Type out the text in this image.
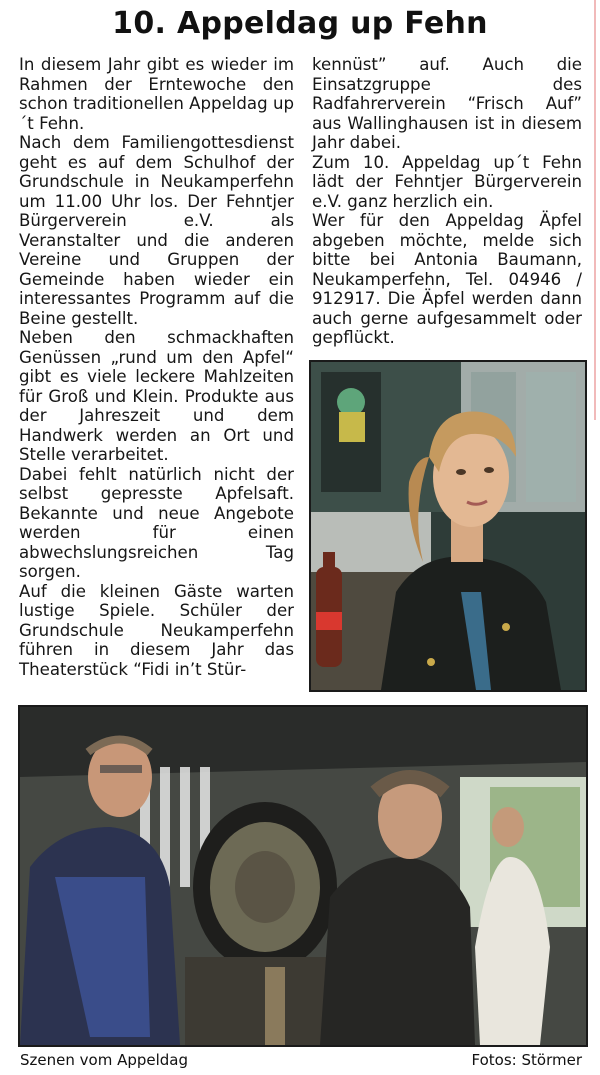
10. Appeldag up Fehn

In diesem Jahr gibt es wieder im Rahmen der Erntewoche den schon traditionellen Appeldag up´t Fehn.

Nach dem Familiengottesdienst geht es auf dem Schulhof der Grundschule in Neukamperfehn um 11.00 Uhr los. Der Fehntjer Bürgerverein e.V. als Veranstalter und die anderen Vereine und Gruppen der Gemeinde haben wieder ein interessantes Programm auf die Beine gestellt.

Neben den schmackhaften Genüssen „rund um den Apfel“ gibt es viele leckere Mahlzeiten für Groß und Klein. Produkte aus der Jahreszeit und dem Handwerk werden an Ort und Stelle verarbeitet.

Dabei fehlt natürlich nicht der selbst gepresste Apfelsaft. Bekannte und neue Angebote werden für einen abwechslungsreichen Tag sorgen.

Auf die kleinen Gäste warten lustige Spiele. Schüler der Grundschule Neukamperfehn führen in diesem Jahr das Theaterstück “Fidi in’t Stür-

kennüst” auf. Auch die Einsatzgruppe des Radfahrerverein “Frisch Auf” aus Wallinghausen ist in diesem Jahr dabei.

Zum 10. Appeldag up´t Fehn lädt der Fehntjer Bürgerverein e.V. ganz herzlich ein.

Wer für den Appeldag Äpfel abgeben möchte, melde sich bitte bei Antonia Baumann, Neukamperfehn, Tel. 04946 / 912917. Die Äpfel werden dann auch gerne aufgesammelt oder gepflückt.

Szenen vom Appeldag	Fotos: Störmer
